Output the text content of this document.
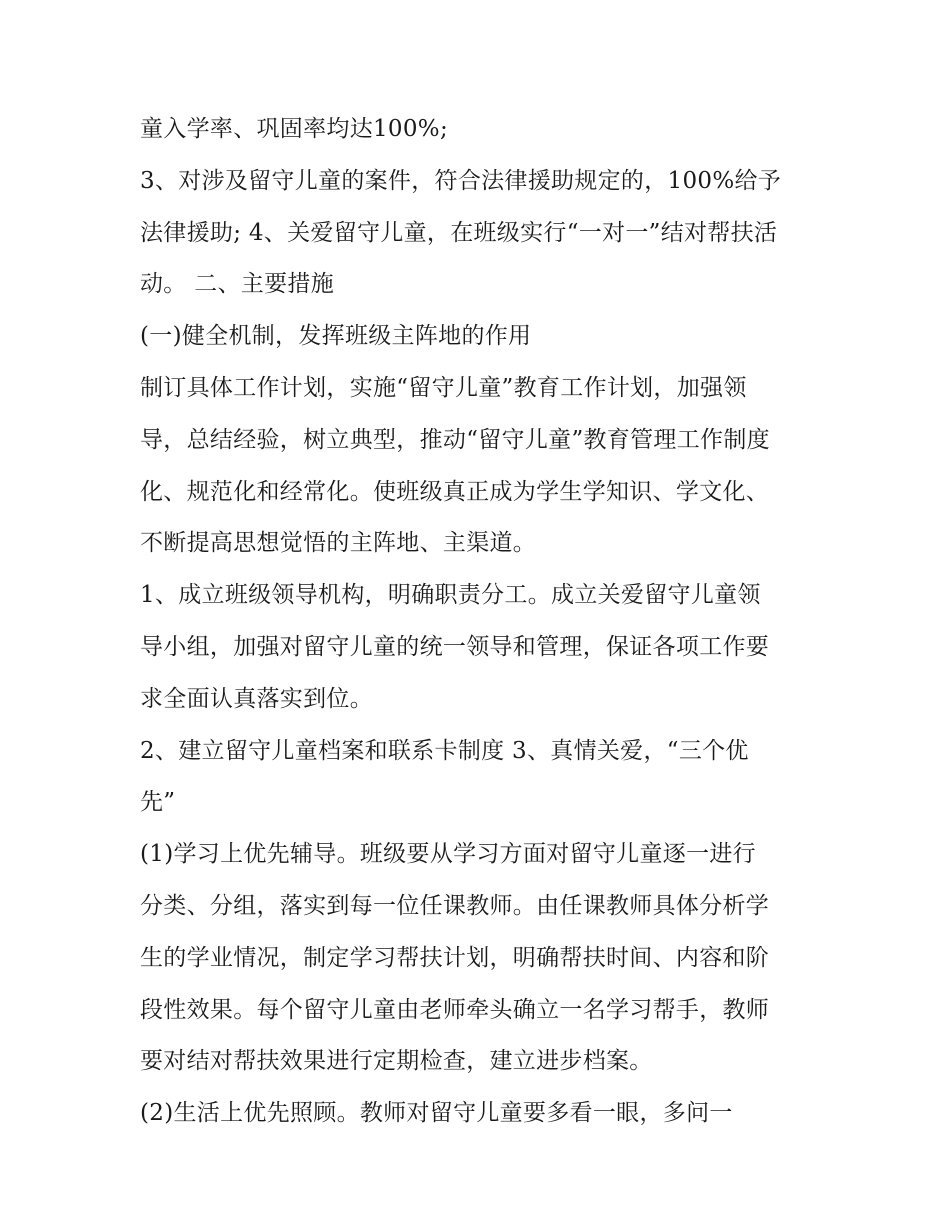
童入学率、巩固率均达100%;
3、对涉及留守儿童的案件，符合法律援助规定的，100%给予
法律援助; 4、关爱留守儿童，在班级实行“一对一”结对帮扶活
动。 二、主要措施
(一)健全机制，发挥班级主阵地的作用
制订具体工作计划，实施“留守儿童”教育工作计划，加强领
导，总结经验，树立典型，推动“留守儿童”教育管理工作制度
化、规范化和经常化。使班级真正成为学生学知识、学文化、
不断提高思想觉悟的主阵地、主渠道。
1、成立班级领导机构，明确职责分工。成立关爱留守儿童领
导小组，加强对留守儿童的统一领导和管理，保证各项工作要
求全面认真落实到位。
2、建立留守儿童档案和联系卡制度 3、真情关爱，“三个优
先”
(1)学习上优先辅导。班级要从学习方面对留守儿童逐一进行
分类、分组，落实到每一位任课教师。由任课教师具体分析学
生的学业情况，制定学习帮扶计划，明确帮扶时间、内容和阶
段性效果。每个留守儿童由老师牵头确立一名学习帮手，教师
要对结对帮扶效果进行定期检查，建立进步档案。
(2)生活上优先照顾。教师对留守儿童要多看一眼，多问一
